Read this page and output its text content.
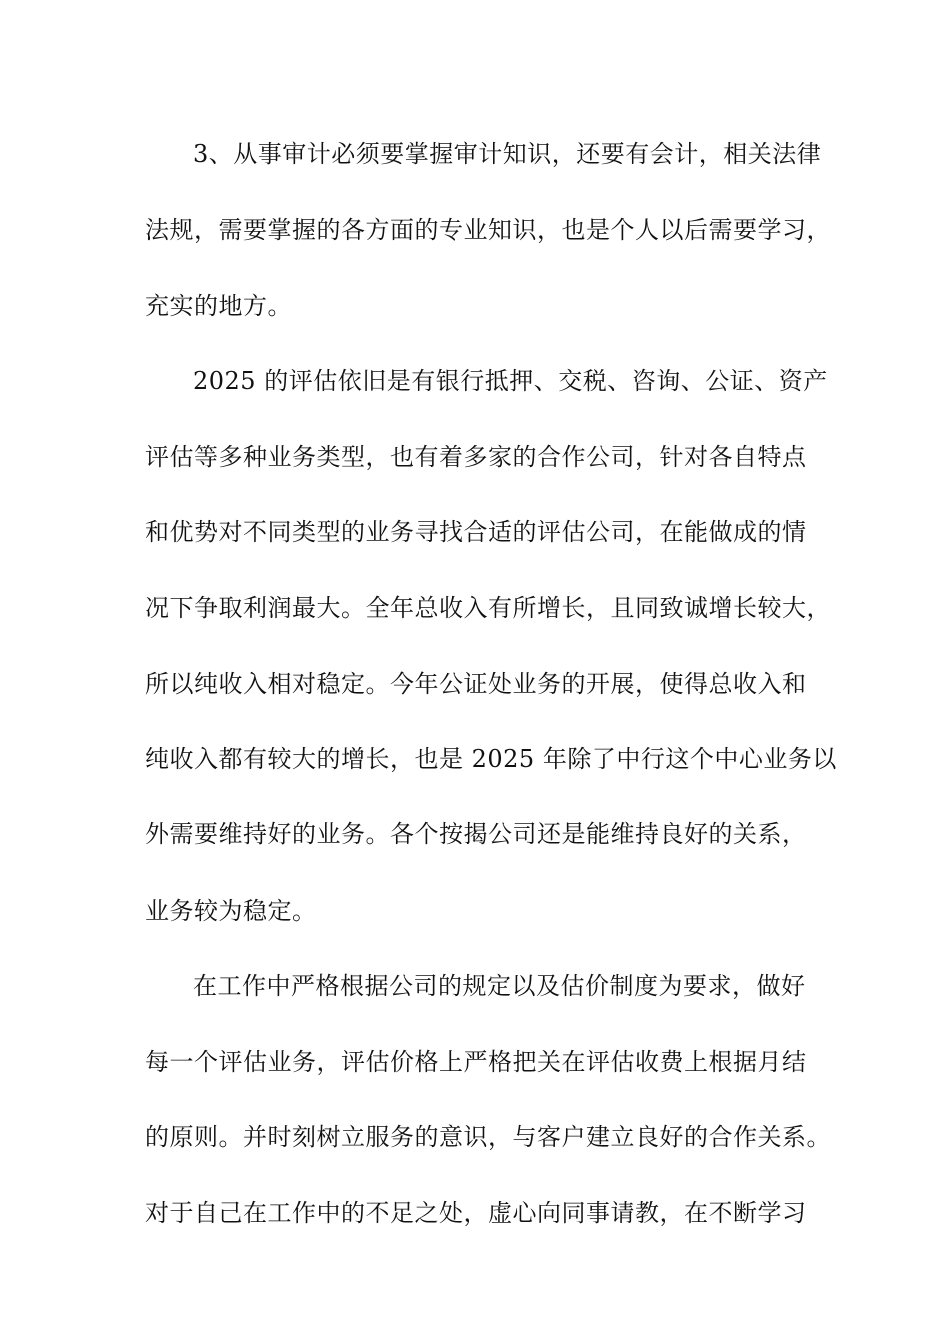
3、从事审计必须要掌握审计知识，还要有会计，相关法律
法规，需要掌握的各方面的专业知识，也是个人以后需要学习，
充实的地方。
2025 的评估依旧是有银行抵押、交税、咨询、公证、资产
评估等多种业务类型，也有着多家的合作公司，针对各自特点
和优势对不同类型的业务寻找合适的评估公司，在能做成的情
况下争取利润最大。全年总收入有所增长，且同致诚增长较大，
所以纯收入相对稳定。今年公证处业务的开展，使得总收入和
纯收入都有较大的增长，也是 2025 年除了中行这个中心业务以
外需要维持好的业务。各个按揭公司还是能维持良好的关系，
业务较为稳定。
在工作中严格根据公司的规定以及估价制度为要求，做好
每一个评估业务，评估价格上严格把关在评估收费上根据月结
的原则。并时刻树立服务的意识，与客户建立良好的合作关系。
对于自己在工作中的不足之处，虚心向同事请教，在不断学习
